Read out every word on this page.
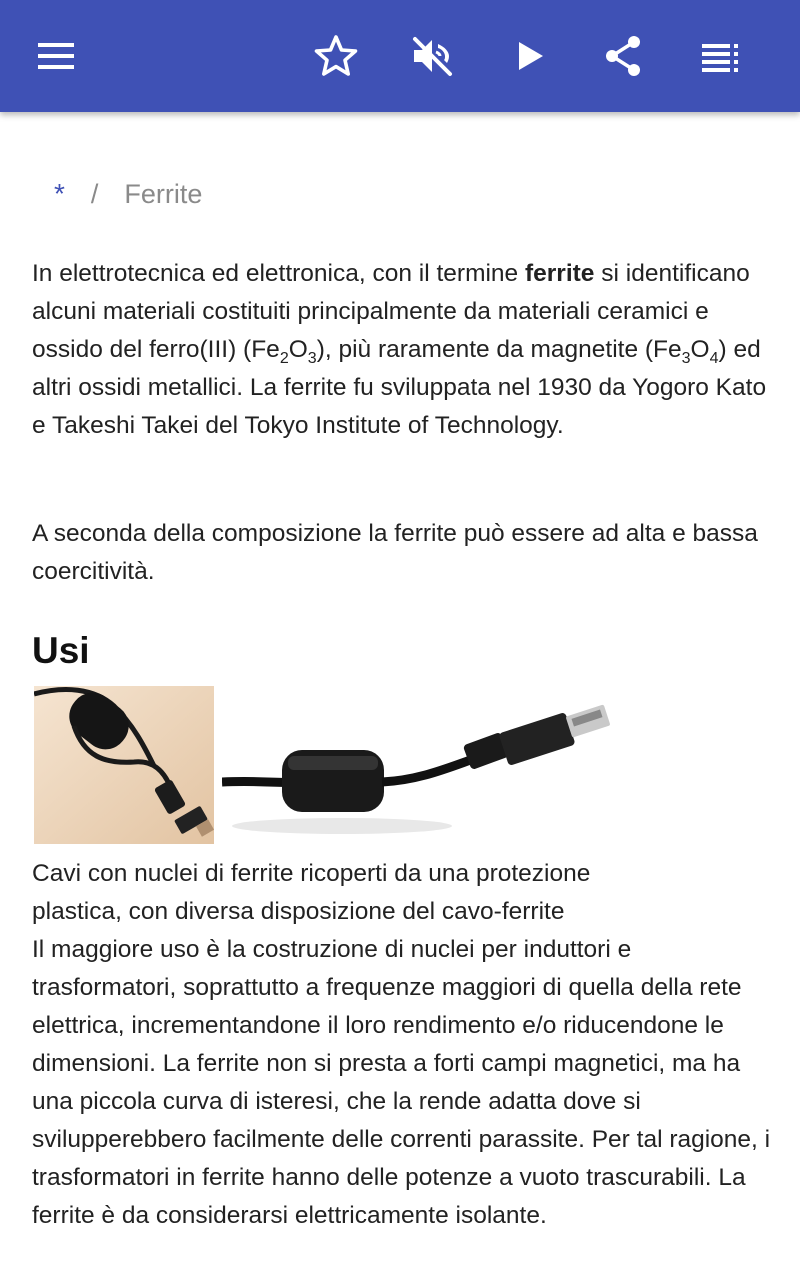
* / Ferrite

In elettrotecnica ed elettronica, con il termine ferrite si identificano alcuni materiali costituiti principalmente da materiali ceramici e ossido del ferro(III) $(Fe_2O_3)$, più raramente da magnetite $(Fe_3O_4)$ ed altri ossidi metallici. La ferrite fu sviluppata nel 1930 da Yogoro Kato e Takeshi Takei del Tokyo Institute of Technology.

A seconda della composizione la ferrite può essere ad alta e bassa coercitività.

Usi

Cavi con nuclei di ferrite ricoperti da una protezione
plastica, con diversa disposizione del cavo-ferrite

Il maggiore uso è la costruzione di nuclei per induttori e trasformatori, soprattutto a frequenze maggiori di quella della rete elettrica, incrementandone il loro rendimento e/o riducendone le dimensioni. La ferrite non si presta a forti campi magnetici, ma ha una piccola curva di isteresi, che la rende adatta dove si svilupperebbero facilmente delle correnti parassite. Per tal ragione, i trasformatori in ferrite hanno delle potenze a vuoto trascurabili. La ferrite è da considerarsi elettricamente isolante.
